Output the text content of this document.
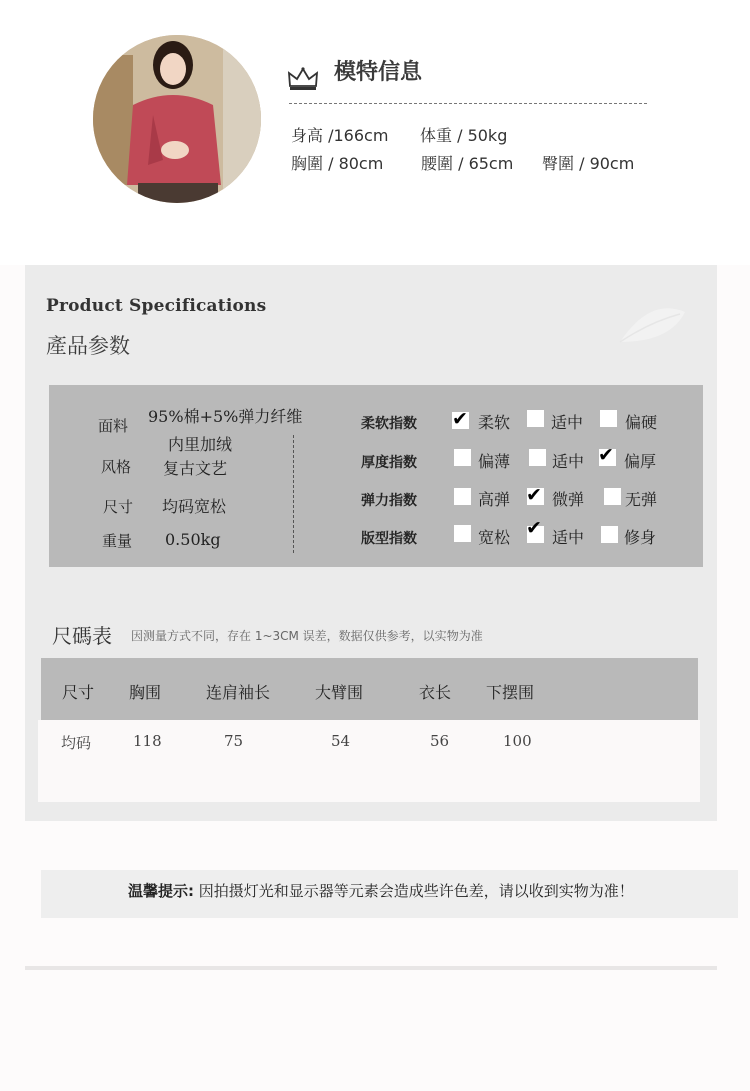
模特信息
身高 /166cm 体重 / 50kg
胸圍 / 80cm 腰圍 / 65cm 臀圍 / 90cm
Product Specifications
產品参数
面料 95%棉+5%弹力纤维
内里加绒
风格 复古文艺
尺寸 均码宽松
重量 0.50kg
柔软指数 ✔ 柔软	适中	偏硬
厚度指数	偏薄	适中 ✔ 偏厚
弹力指数	高弹 ✔ 微弹	无弹
版型指数	宽松 ✔ 适中 修身
尺碼表 因测量方式不同，存在 1~3CM 误差，数据仅供参考，以实物为准
尺寸 胸围	连肩袖长	大臂围	衣长 下摆围
均码	118	75	54	56	100
温馨提示: 因拍摄灯光和显示器等元素会造成些许色差，请以收到实物为准！
